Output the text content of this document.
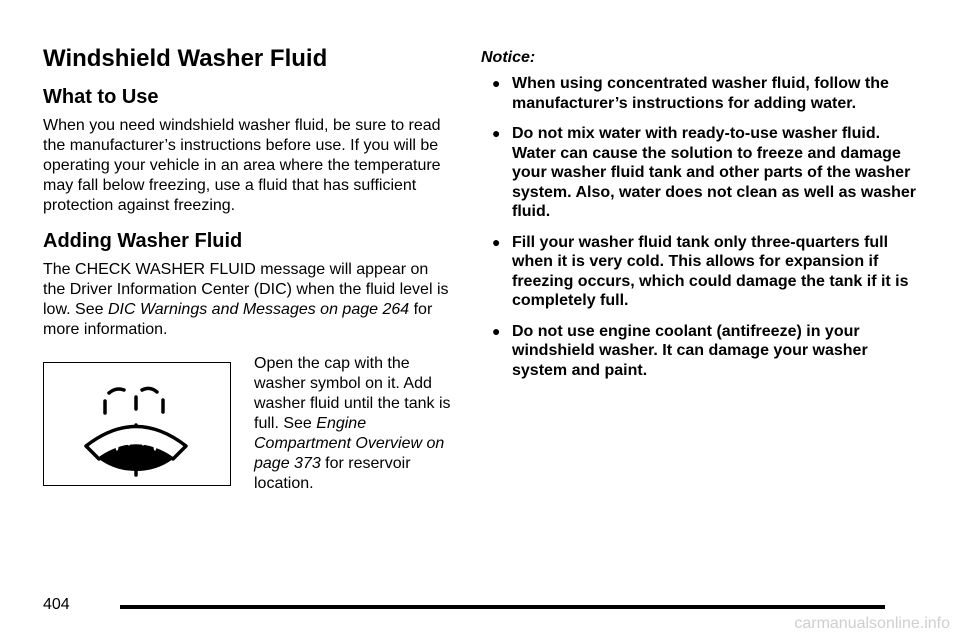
Windshield Washer Fluid
What to Use

When you need windshield washer fluid, be sure to read the manufacturer’s instructions before use. If you will be operating your vehicle in an area where the temperature may fall below freezing, use a fluid that has sufficient protection against freezing.

Adding Washer Fluid

The CHECK WASHER FLUID message will appear on the Driver Information Center (DIC) when the fluid level is low. See DIC Warnings and Messages on page 264 for more information.

Open the cap with the washer symbol on it. Add washer fluid until the tank is full. See Engine Compartment Overview on page 373 for reservoir location.
Notice:
● When using concentrated washer fluid, follow the manufacturer’s instructions for adding water.
● Do not mix water with ready-to-use washer fluid. Water can cause the solution to freeze and damage your washer fluid tank and other parts of the washer system. Also, water does not clean as well as washer fluid.
● Fill your washer fluid tank only three-quarters full when it is very cold. This allows for expansion if freezing occurs, which could damage the tank if it is completely full.
● Do not use engine coolant (antifreeze) in your windshield washer. It can damage your washer system and paint.
404
carmanualsonline.info
